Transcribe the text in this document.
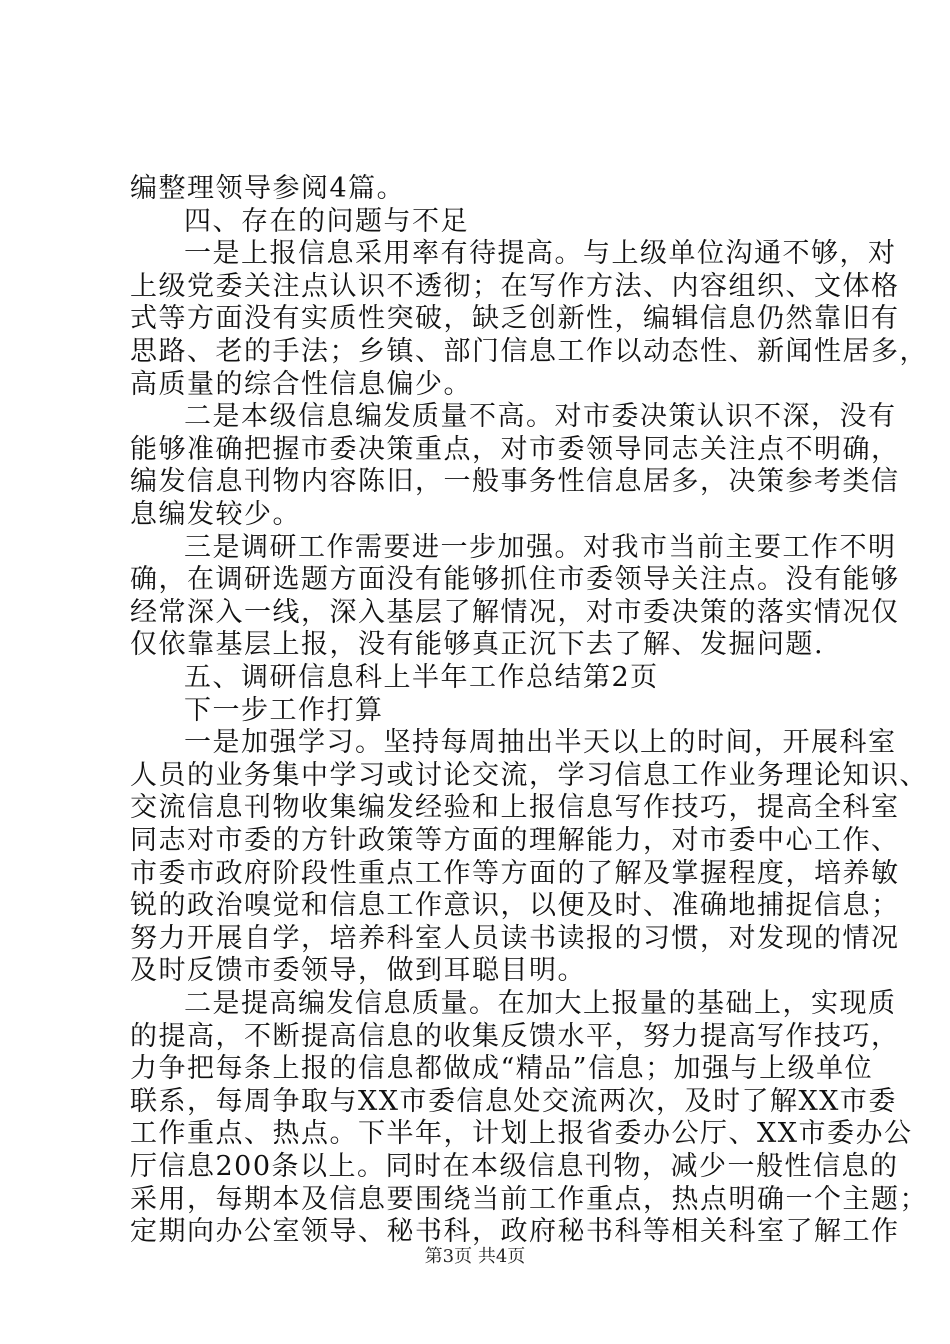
编整理领导参阅4篇。
四、存在的问题与不足
一是上报信息采用率有待提高。与上级单位沟通不够，对
上级党委关注点认识不透彻；在写作方法、内容组织、文体格
式等方面没有实质性突破，缺乏创新性，编辑信息仍然靠旧有
思路、老的手法；乡镇、部门信息工作以动态性、新闻性居多，
高质量的综合性信息偏少。
二是本级信息编发质量不高。对市委决策认识不深，没有
能够准确把握市委决策重点，对市委领导同志关注点不明确，
编发信息刊物内容陈旧，一般事务性信息居多，决策参考类信
息编发较少。
三是调研工作需要进一步加强。对我市当前主要工作不明
确，在调研选题方面没有能够抓住市委领导关注点。没有能够
经常深入一线，深入基层了解情况，对市委决策的落实情况仅
仅依靠基层上报，没有能够真正沉下去了解、发掘问题.
五、调研信息科上半年工作总结第2页
下一步工作打算
一是加强学习。坚持每周抽出半天以上的时间，开展科室
人员的业务集中学习或讨论交流，学习信息工作业务理论知识、
交流信息刊物收集编发经验和上报信息写作技巧，提高全科室
同志对市委的方针政策等方面的理解能力，对市委中心工作、
市委市政府阶段性重点工作等方面的了解及掌握程度，培养敏
锐的政治嗅觉和信息工作意识，以便及时、准确地捕捉信息；
努力开展自学，培养科室人员读书读报的习惯，对发现的情况
及时反馈市委领导，做到耳聪目明。
二是提高编发信息质量。在加大上报量的基础上，实现质
的提高，不断提高信息的收集反馈水平，努力提高写作技巧，
力争把每条上报的信息都做成“精品”信息；加强与上级单位
联系，每周争取与XX市委信息处交流两次，及时了解XX市委
工作重点、热点。下半年，计划上报省委办公厅、XX市委办公
厅信息200条以上。同时在本级信息刊物，减少一般性信息的
采用，每期本及信息要围绕当前工作重点，热点明确一个主题；
定期向办公室领导、秘书科，政府秘书科等相关科室了解工作
第3页 共4页
